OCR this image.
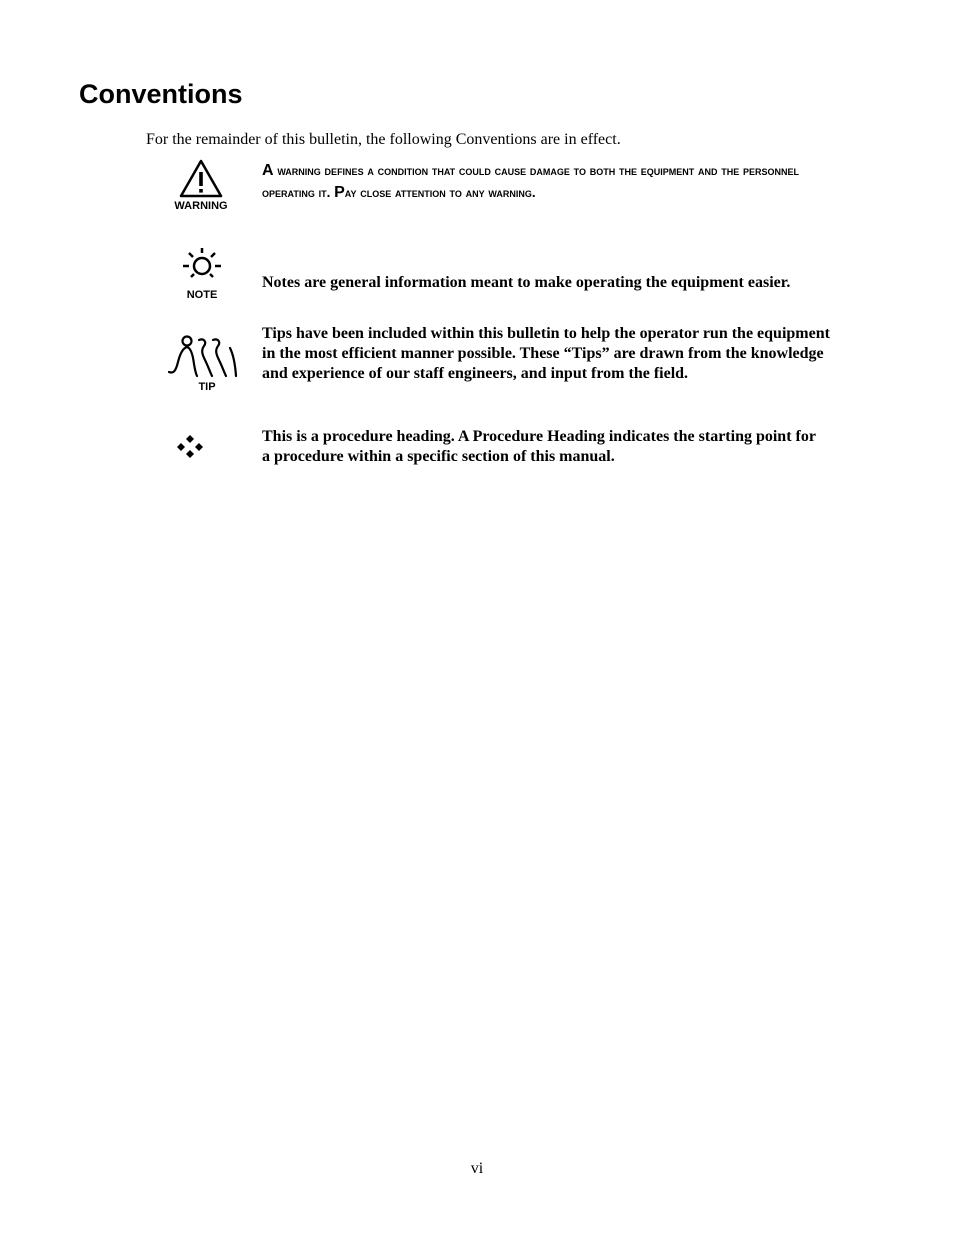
Conventions
For the remainder of this bulletin, the following Conventions are in effect.
WARNING
A warning defines a condition that could cause damage to both the equipment and the personnel operating it. Pay close attention to any warning.
NOTE
Notes are general information meant to make operating the equipment easier.
TIP
Tips have been included within this bulletin to help the operator run the equipment in the most efficient manner possible. These “Tips” are drawn from the knowledge and experience of our staff engineers, and input from the field.
This is a procedure heading. A Procedure Heading indicates the starting point for a procedure within a specific section of this manual.
vi
